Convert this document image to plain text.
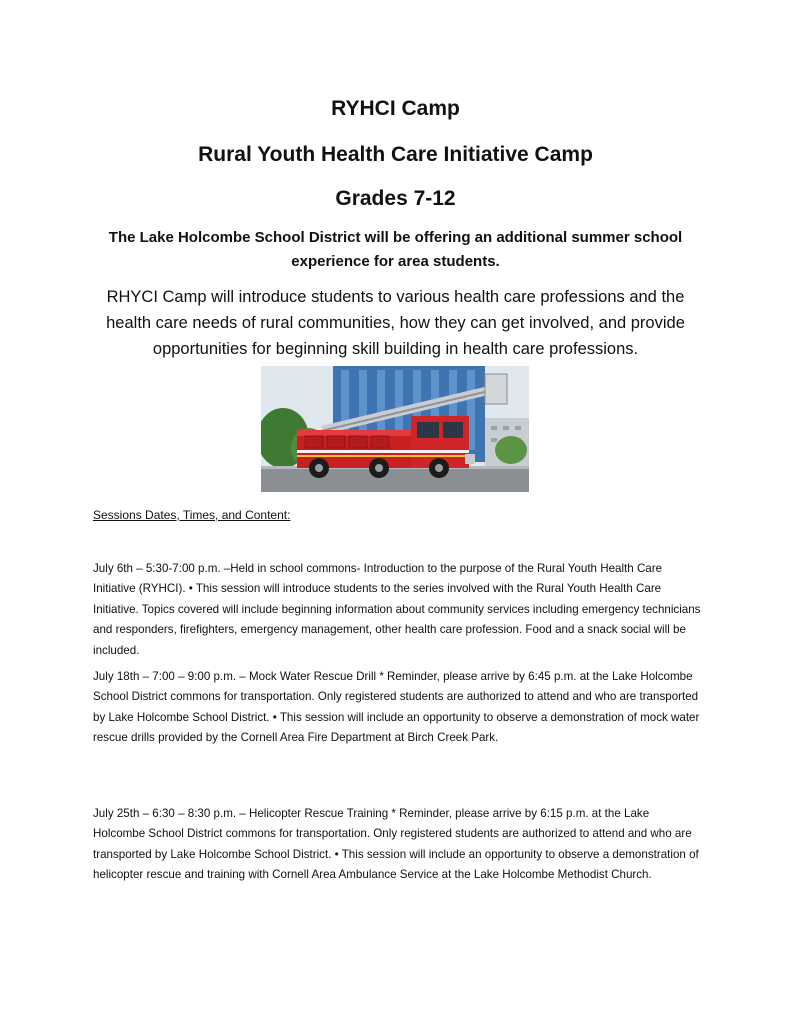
RYHCI Camp
Rural Youth Health Care Initiative Camp
Grades 7-12
The Lake Holcombe School District will be offering an additional summer school experience for area students.
RHYCI Camp will introduce students to various health care professions and the health care needs of rural communities, how they can get involved, and provide opportunities for beginning skill building in health care professions.
Sessions Dates, Times, and Content:
July 6th – 5:30-7:00 p.m. –Held in school commons- Introduction to the purpose of the Rural Youth Health Care Initiative (RYHCI). • This session will introduce students to the series involved with the Rural Youth Health Care Initiative. Topics covered will include beginning information about community services including emergency technicians and responders, firefighters, emergency management, other health care profession. Food and a snack social will be included.
July 18th – 7:00 – 9:00 p.m. – Mock Water Rescue Drill * Reminder, please arrive by 6:45 p.m. at the Lake Holcombe School District commons for transportation. Only registered students are authorized to attend and who are transported by Lake Holcombe School District. • This session will include an opportunity to observe a demonstration of mock water rescue drills provided by the Cornell Area Fire Department at Birch Creek Park.
July 25th – 6:30 – 8:30 p.m. – Helicopter Rescue Training * Reminder, please arrive by 6:15 p.m. at the Lake Holcombe School District commons for transportation. Only registered students are authorized to attend and who are transported by Lake Holcombe School District. • This session will include an opportunity to observe a demonstration of helicopter rescue and training with Cornell Area Ambulance Service at the Lake Holcombe Methodist Church.
